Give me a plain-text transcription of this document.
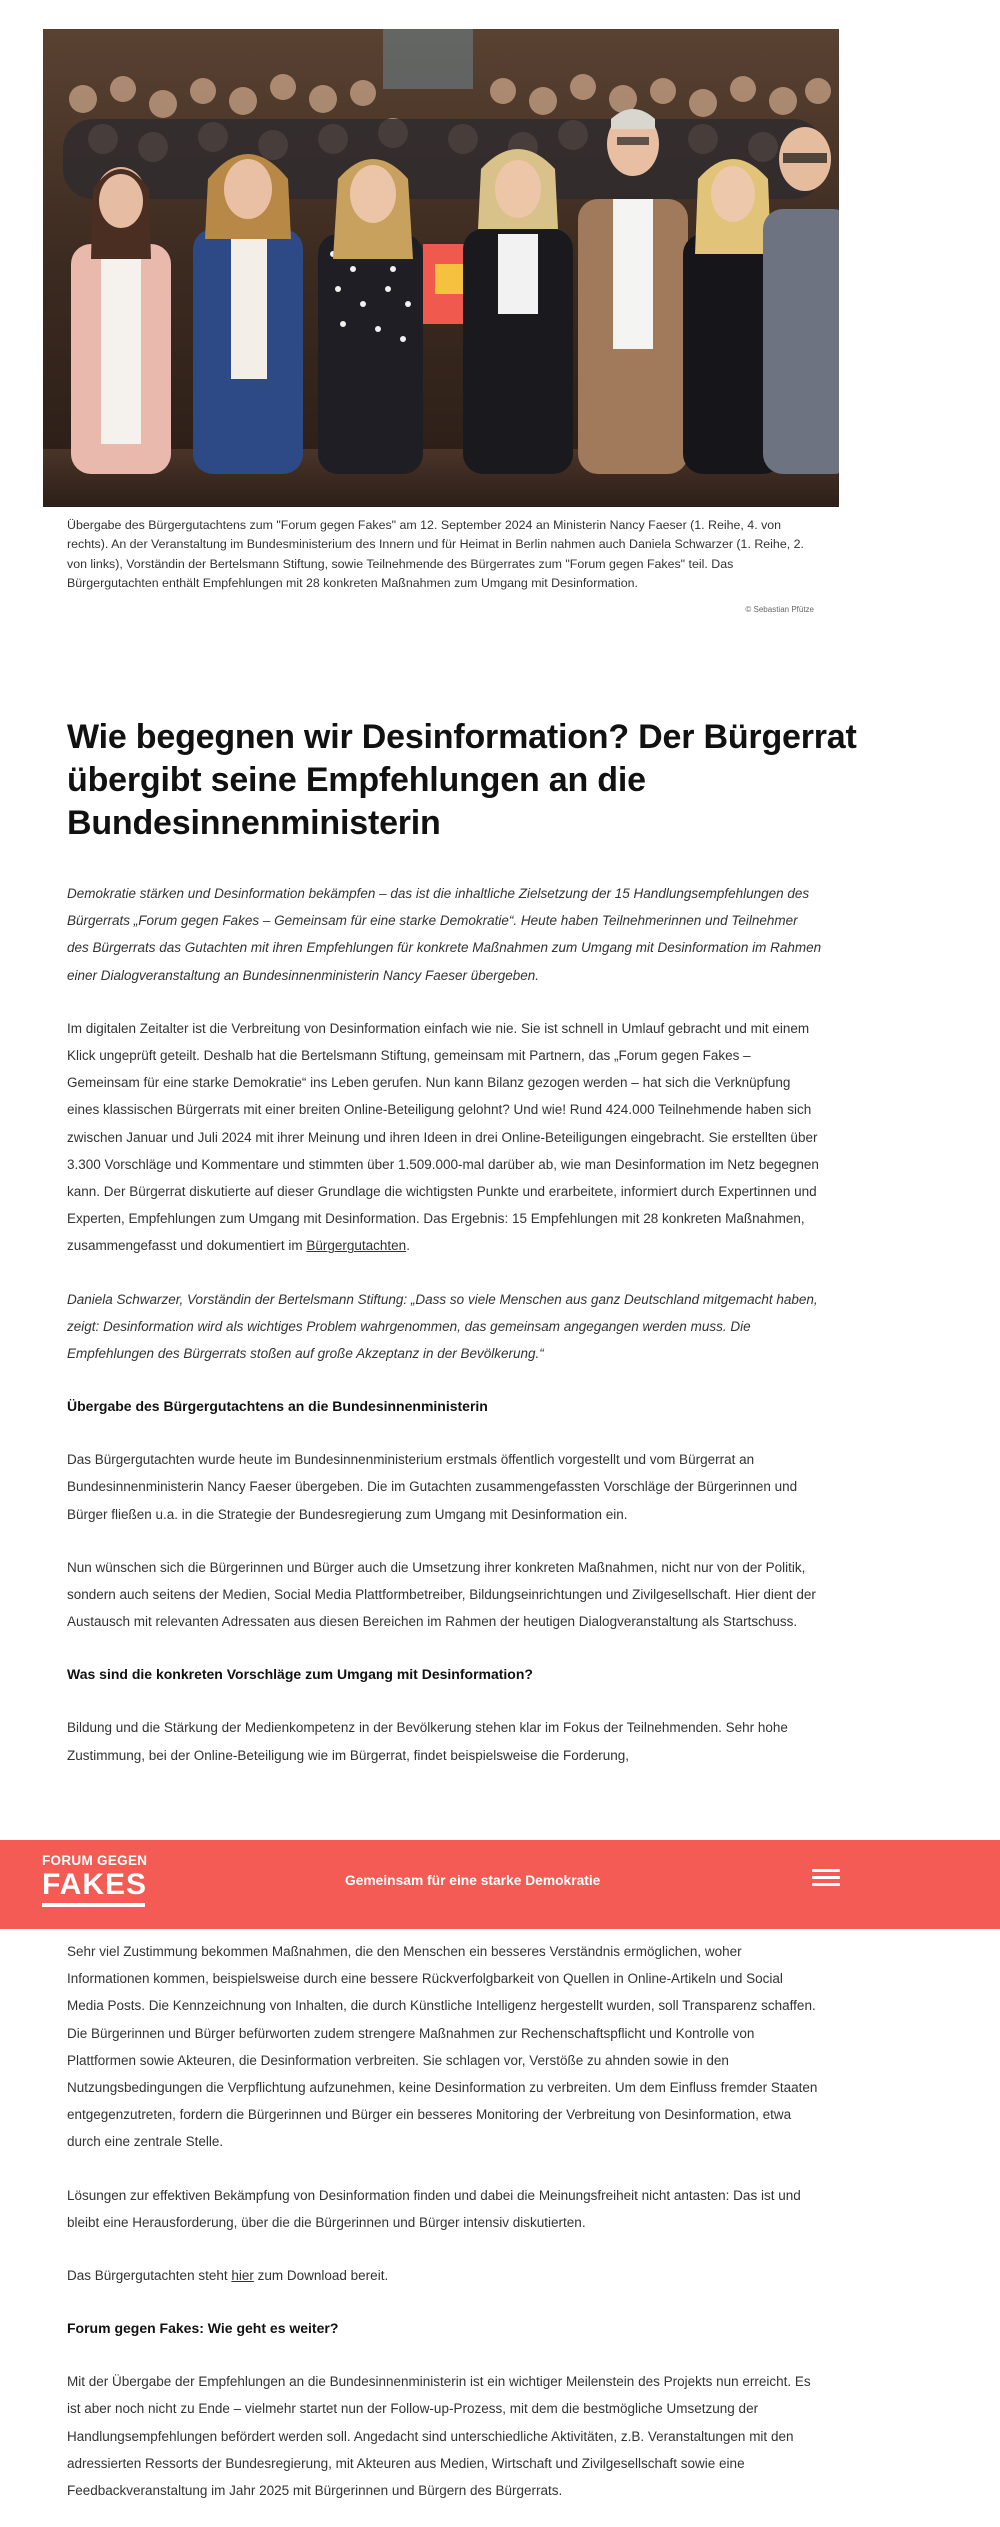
Übergabe des Bürgergutachtens zum "Forum gegen Fakes" am 12. September 2024 an Ministerin Nancy Faeser (1. Reihe, 4. von rechts). An der Veranstaltung im Bundesministerium des Innern und für Heimat in Berlin nahmen auch Daniela Schwarzer (1. Reihe, 2. von links), Vorständin der Bertelsmann Stiftung, sowie Teilnehmende des Bürgerrates zum "Forum gegen Fakes" teil. Das Bürgergutachten enthält Empfehlungen mit 28 konkreten Maßnahmen zum Umgang mit Desinformation.
© Sebastian Pfütze
Wie begegnen wir Desinformation? Der Bürgerrat übergibt seine Empfehlungen an die Bundesinnenministerin

Demokratie stärken und Desinformation bekämpfen – das ist die inhaltliche Zielsetzung der 15 Handlungsempfehlungen des Bürgerrats „Forum gegen Fakes – Gemeinsam für eine starke Demokratie“. Heute haben Teilnehmerinnen und Teilnehmer des Bürgerrats das Gutachten mit ihren Empfehlungen für konkrete Maßnahmen zum Umgang mit Desinformation im Rahmen einer Dialogveranstaltung an Bundesinnenministerin Nancy Faeser übergeben.

Im digitalen Zeitalter ist die Verbreitung von Desinformation einfach wie nie. Sie ist schnell in Umlauf gebracht und mit einem Klick ungeprüft geteilt. Deshalb hat die Bertelsmann Stiftung, gemeinsam mit Partnern, das „Forum gegen Fakes – Gemeinsam für eine starke Demokratie“ ins Leben gerufen. Nun kann Bilanz gezogen werden – hat sich die Verknüpfung eines klassischen Bürgerrats mit einer breiten Online-Beteiligung gelohnt? Und wie! Rund 424.000 Teilnehmende haben sich zwischen Januar und Juli 2024 mit ihrer Meinung und ihren Ideen in drei Online-Beteiligungen eingebracht. Sie erstellten über 3.300 Vorschläge und Kommentare und stimmten über 1.509.000-mal darüber ab, wie man Desinformation im Netz begegnen kann. Der Bürgerrat diskutierte auf dieser Grundlage die wichtigsten Punkte und erarbeitete, informiert durch Expertinnen und Experten, Empfehlungen zum Umgang mit Desinformation. Das Ergebnis: 15 Empfehlungen mit 28 konkreten Maßnahmen, zusammengefasst und dokumentiert im Bürgergutachten.

Daniela Schwarzer, Vorständin der Bertelsmann Stiftung: „Dass so viele Menschen aus ganz Deutschland mitgemacht haben, zeigt: Desinformation wird als wichtiges Problem wahrgenommen, das gemeinsam angegangen werden muss. Die Empfehlungen des Bürgerrats stoßen auf große Akzeptanz in der Bevölkerung.“

Übergabe des Bürgergutachtens an die Bundesinnenministerin

Das Bürgergutachten wurde heute im Bundesinnenministerium erstmals öffentlich vorgestellt und vom Bürgerrat an Bundesinnenministerin Nancy Faeser übergeben. Die im Gutachten zusammengefassten Vorschläge der Bürgerinnen und Bürger fließen u.a. in die Strategie der Bundesregierung zum Umgang mit Desinformation ein.

Nun wünschen sich die Bürgerinnen und Bürger auch die Umsetzung ihrer konkreten Maßnahmen, nicht nur von der Politik, sondern auch seitens der Medien, Social Media Plattformbetreiber, Bildungseinrichtungen und Zivilgesellschaft. Hier dient der Austausch mit relevanten Adressaten aus diesen Bereichen im Rahmen der heutigen Dialogveranstaltung als Startschuss.

Was sind die konkreten Vorschläge zum Umgang mit Desinformation?

Bildung und die Stärkung der Medienkompetenz in der Bevölkerung stehen klar im Fokus der Teilnehmenden. Sehr hohe Zustimmung, bei der Online-Beteiligung wie im Bürgerrat, findet beispielsweise die Forderung,

FORUM GEGEN
FAKES	Gemeinsam für eine starke Demokratie

Sehr viel Zustimmung bekommen Maßnahmen, die den Menschen ein besseres Verständnis ermöglichen, woher Informationen kommen, beispielsweise durch eine bessere Rückverfolgbarkeit von Quellen in Online-Artikeln und Social Media Posts. Die Kennzeichnung von Inhalten, die durch Künstliche Intelligenz hergestellt wurden, soll Transparenz schaffen. Die Bürgerinnen und Bürger befürworten zudem strengere Maßnahmen zur Rechenschaftspflicht und Kontrolle von Plattformen sowie Akteuren, die Desinformation verbreiten. Sie schlagen vor, Verstöße zu ahnden sowie in den Nutzungsbedingungen die Verpflichtung aufzunehmen, keine Desinformation zu verbreiten. Um dem Einfluss fremder Staaten entgegenzutreten, fordern die Bürgerinnen und Bürger ein besseres Monitoring der Verbreitung von Desinformation, etwa durch eine zentrale Stelle.

Lösungen zur effektiven Bekämpfung von Desinformation finden und dabei die Meinungsfreiheit nicht antasten: Das ist und bleibt eine Herausforderung, über die die Bürgerinnen und Bürger intensiv diskutierten.

Das Bürgergutachten steht hier zum Download bereit.

Forum gegen Fakes: Wie geht es weiter?

Mit der Übergabe der Empfehlungen an die Bundesinnenministerin ist ein wichtiger Meilenstein des Projekts nun erreicht. Es ist aber noch nicht zu Ende – vielmehr startet nun der Follow-up-Prozess, mit dem die bestmögliche Umsetzung der Handlungsempfehlungen befördert werden soll. Angedacht sind unterschiedliche Aktivitäten, z.B. Veranstaltungen mit den adressierten Ressorts der Bundesregierung, mit Akteuren aus Medien, Wirtschaft und Zivilgesellschaft sowie eine Feedbackveranstaltung im Jahr 2025 mit Bürgerinnen und Bürgern des Bürgerrats.
